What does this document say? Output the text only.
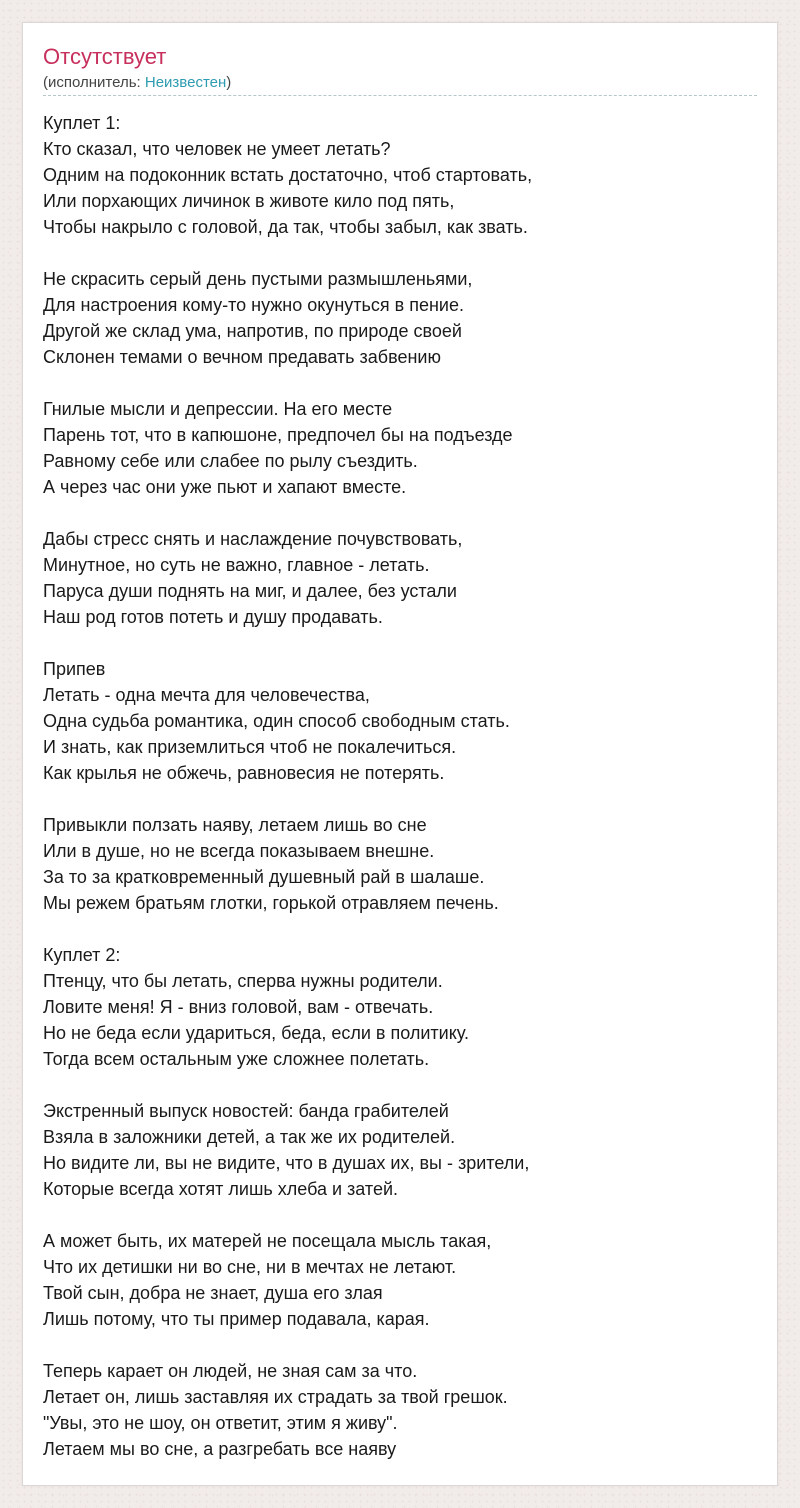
Отсутствует
(исполнитель: Неизвестен)
Куплет 1:
Кто сказал, что человек не умеет летать?
Одним на подоконник встать достаточно, чтоб стартовать,
Или порхающих личинок в животе кило под пять,
Чтобы накрыло с головой, да так, чтобы забыл, как звать.
Не скрасить серый день пустыми размышленьями,
Для настроения кому-то нужно окунуться в пение.
Другой же склад ума, напротив, по природе своей
Склонен темами о вечном предавать забвению
Гнилые мысли и депрессии. На его месте
Парень тот, что в капюшоне, предпочел бы на подъезде
Равному себе или слабее по рылу съездить.
А через час они уже пьют и хапают вместе.
Дабы стресс снять и наслаждение почувствовать,
Минутное, но суть не важно, главное - летать.
Паруса души поднять на миг, и далее, без устали
Наш род готов потеть и душу продавать.
Припев
Летать - одна мечта для человечества,
Одна судьба романтика, один способ свободным стать.
И знать, как приземлиться чтоб не покалечиться.
Как крылья не обжечь, равновесия не потерять.
Привыкли ползать наяву, летаем лишь во сне
Или в душе, но не всегда показываем внешне.
За то за кратковременный душевный рай в шалаше.
Мы режем братьям глотки, горькой отравляем печень.
Куплет 2:
Птенцу, что бы летать, сперва нужны родители.
Ловите меня! Я - вниз головой, вам - отвечать.
Но не беда если удариться, беда, если в политику.
Тогда всем остальным уже сложнее полетать.
Экстренный выпуск новостей: банда грабителей
Взяла в заложники детей, а так же их родителей.
Но видите ли, вы не видите, что в душах их, вы - зрители,
Которые всегда хотят лишь хлеба и затей.
А может быть, их матерей не посещала мысль такая,
Что их детишки ни во сне, ни в мечтах не летают.
Твой сын, добра не знает, душа его злая
Лишь потому, что ты пример подавала, карая.
Теперь карает он людей, не зная сам за что.
Летает он, лишь заставляя их страдать за твой грешок.
"Увы, это не шоу, он ответит, этим я живу".
Летаем мы во сне, а разгребать все наяву
